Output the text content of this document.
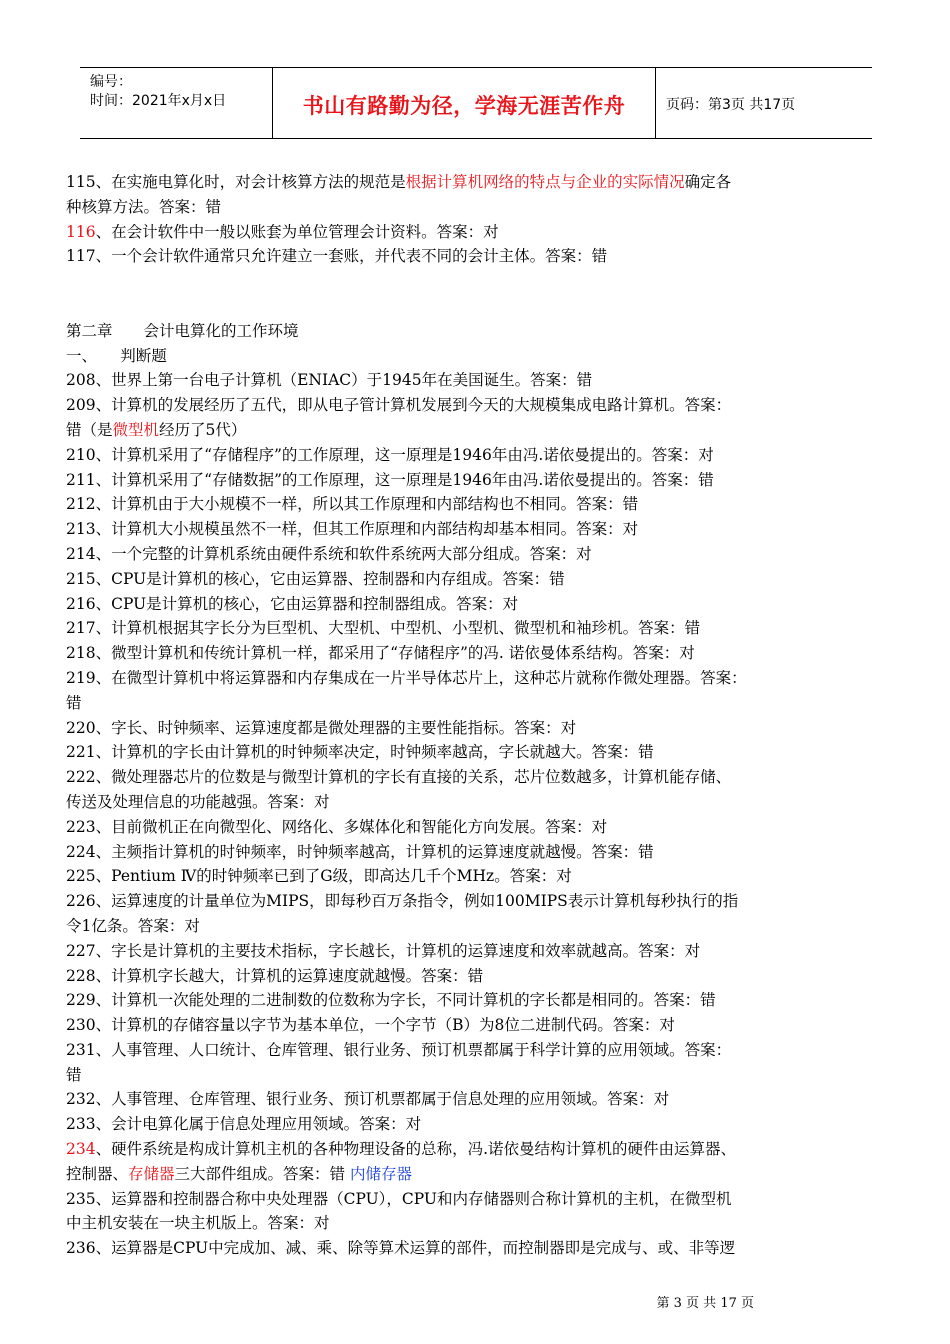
编号：
时间：2021年x月x日	书山有路勤为径，学海无涯苦作舟	页码：第3页 共17页

115、在实施电算化时，对会计核算方法的规范是根据计算机网络的特点与企业的实际情况确定各

种核算方法。答案：错

116、在会计软件中一般以账套为单位管理会计资料。答案：对

117、一个会计软件通常只允许建立一套账，并代表不同的会计主体。答案：错

第二章　　会计电算化的工作环境

一、　　判断题

208、世界上第一台电子计算机（ENIAC）于1945年在美国诞生。答案：错

209、计算机的发展经历了五代，即从电子管计算机发展到今天的大规模集成电路计算机。答案：

错（是微型机经历了5代）

210、计算机采用了“存储程序”的工作原理，这一原理是1946年由冯.诺依曼提出的。答案：对

211、计算机采用了“存储数据”的工作原理，这一原理是1946年由冯.诺依曼提出的。答案：错

212、计算机由于大小规模不一样，所以其工作原理和内部结构也不相同。答案：错

213、计算机大小规模虽然不一样，但其工作原理和内部结构却基本相同。答案：对

214、一个完整的计算机系统由硬件系统和软件系统两大部分组成。答案：对

215、CPU是计算机的核心，它由运算器、控制器和内存组成。答案：错

216、CPU是计算机的核心，它由运算器和控制器组成。答案：对

217、计算机根据其字长分为巨型机、大型机、中型机、小型机、微型机和袖珍机。答案：错

218、微型计算机和传统计算机一样，都采用了“存储程序”的冯. 诺依曼体系结构。答案：对

219、在微型计算机中将运算器和内存集成在一片半导体芯片上，这种芯片就称作微处理器。答案：

错

220、字长、时钟频率、运算速度都是微处理器的主要性能指标。答案：对

221、计算机的字长由计算机的时钟频率决定，时钟频率越高，字长就越大。答案：错

222、微处理器芯片的位数是与微型计算机的字长有直接的关系，芯片位数越多，计算机能存储、

传送及处理信息的功能越强。答案：对

223、目前微机正在向微型化、网络化、多媒体化和智能化方向发展。答案：对

224、主频指计算机的时钟频率，时钟频率越高，计算机的运算速度就越慢。答案：错

225、Pentium Ⅳ的时钟频率已到了G级，即高达几千个MHz。答案：对

226、运算速度的计量单位为MIPS，即每秒百万条指令，例如100MIPS表示计算机每秒执行的指

令1亿条。答案：对

227、字长是计算机的主要技术指标，字长越长，计算机的运算速度和效率就越高。答案：对

228、计算机字长越大，计算机的运算速度就越慢。答案：错

229、计算机一次能处理的二进制数的位数称为字长，不同计算机的字长都是相同的。答案：错

230、计算机的存储容量以字节为基本单位，一个字节（B）为8位二进制代码。答案：对

231、人事管理、人口统计、仓库管理、银行业务、预订机票都属于科学计算的应用领域。答案：

错

232、人事管理、仓库管理、银行业务、预订机票都属于信息处理的应用领域。答案：对

233、会计电算化属于信息处理应用领域。答案：对

234、硬件系统是构成计算机主机的各种物理设备的总称，冯.诺依曼结构计算机的硬件由运算器、

控制器、存储器三大部件组成。答案：错 内储存器

235、运算器和控制器合称中央处理器（CPU），CPU和内存储器则合称计算机的主机，在微型机

中主机安装在一块主机版上。答案：对

236、运算器是CPU中完成加、减、乘、除等算术运算的部件，而控制器即是完成与、或、非等逻

第 3 页 共 17 页
